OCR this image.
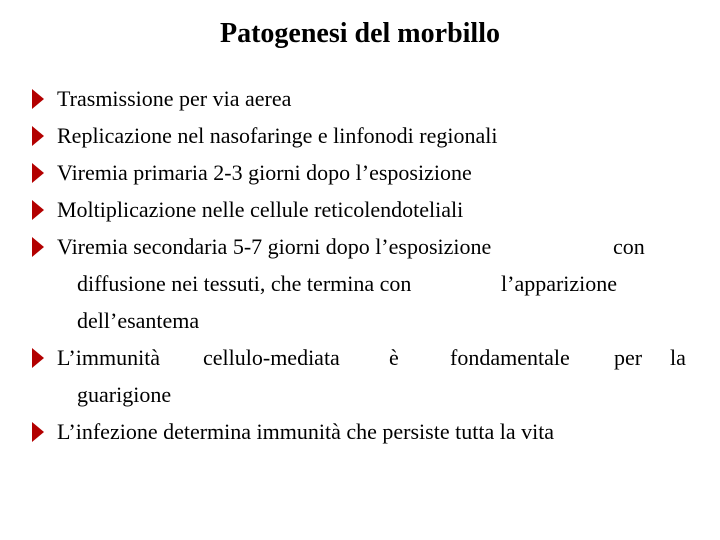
Patogenesi del morbillo
Trasmissione per via aerea
Replicazione nel nasofaringe e linfonodi regionali
Viremia primaria 2-3 giorni dopo l’esposizione
Moltiplicazione nelle cellule reticolendoteliali
Viremia secondaria 5-7 giorni dopo l’esposizione	con
diffusione nei tessuti, che termina con	l’apparizione
dell’esantema
L’immunità cellulo-mediata è fondamentale per la
guarigione
L’infezione determina immunità che persiste tutta la vita
